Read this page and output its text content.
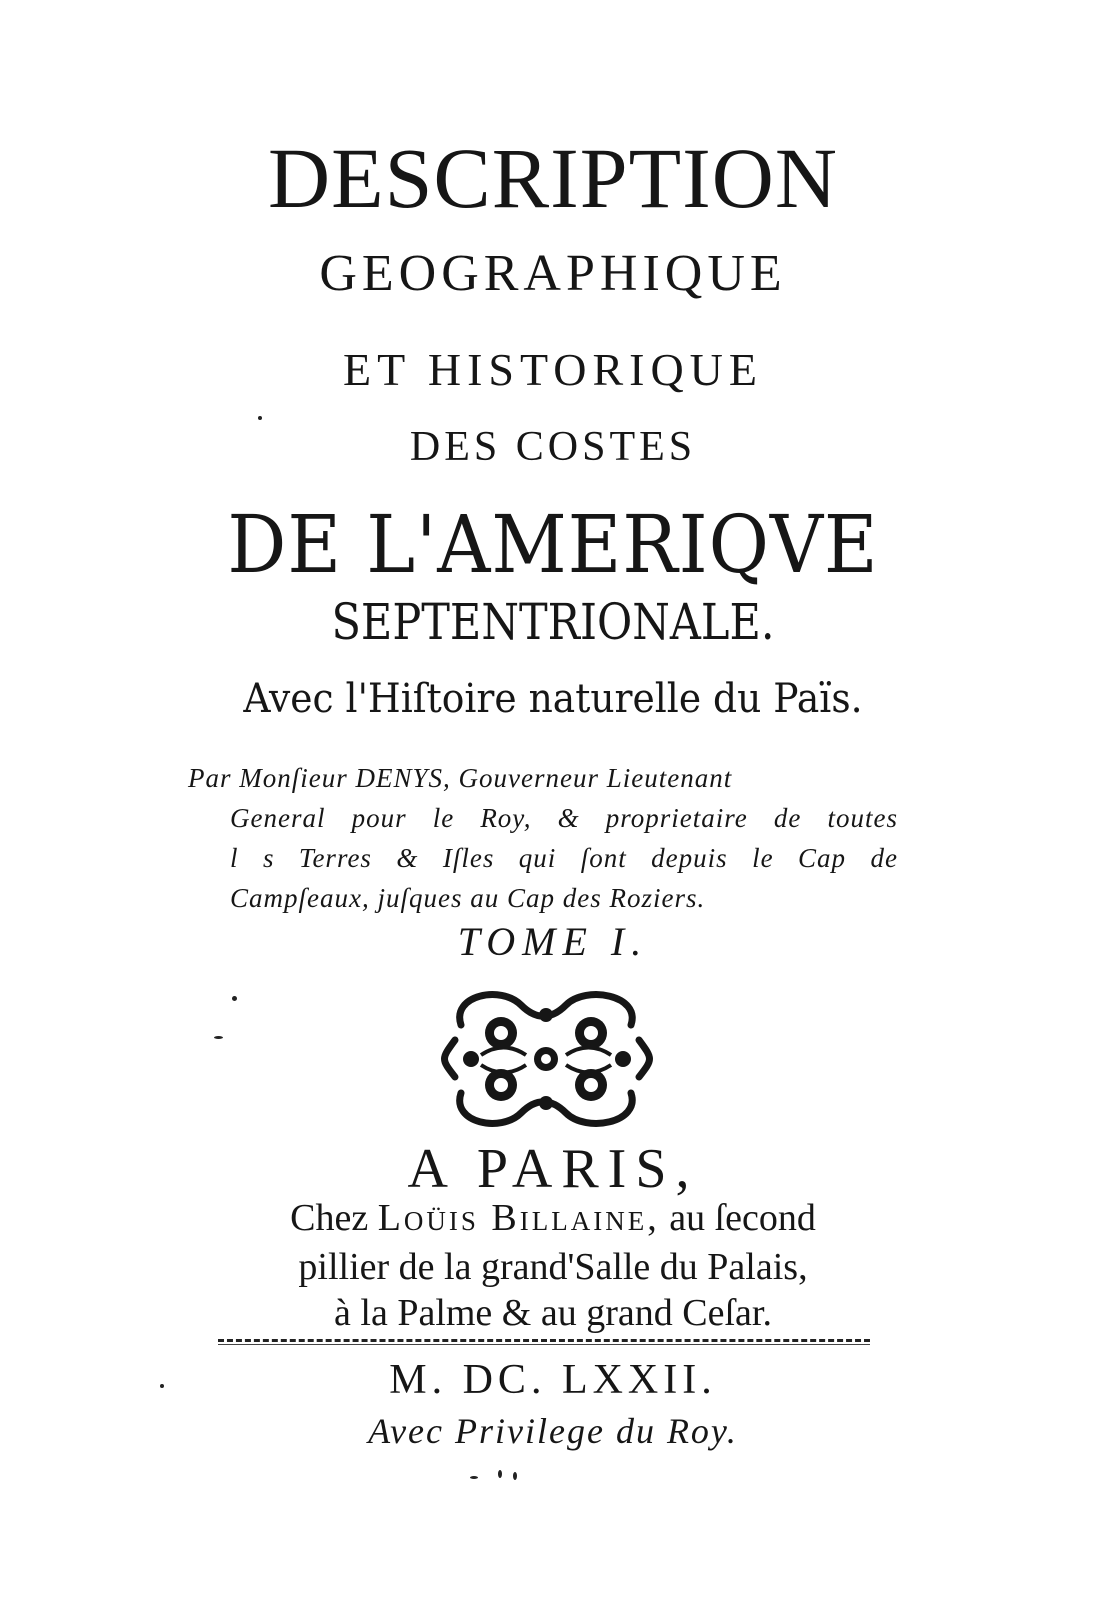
DESCRIPTION
GEOGRAPHIQUE
ET HISTORIQUE
DES COSTES
DE L'AMERIQVE
SEPTENTRIONALE.
Avec l'Hiſtoire naturelle du Païs.
Par Monſieur DENYS, Gouverneur Lieutenant
General pour le Roy, & proprietaire de toutes
l s Terres & Iſles qui ſont depuis le Cap de
Campſeaux, juſques au Cap des Roziers.
TOME I.
A PARIS,
Chez Loüis Billaine, au ſecond
pillier de la grand'Salle du Palais,
à la Palme & au grand Ceſar.
M. DC. LXXII.
Avec Privilege du Roy.
